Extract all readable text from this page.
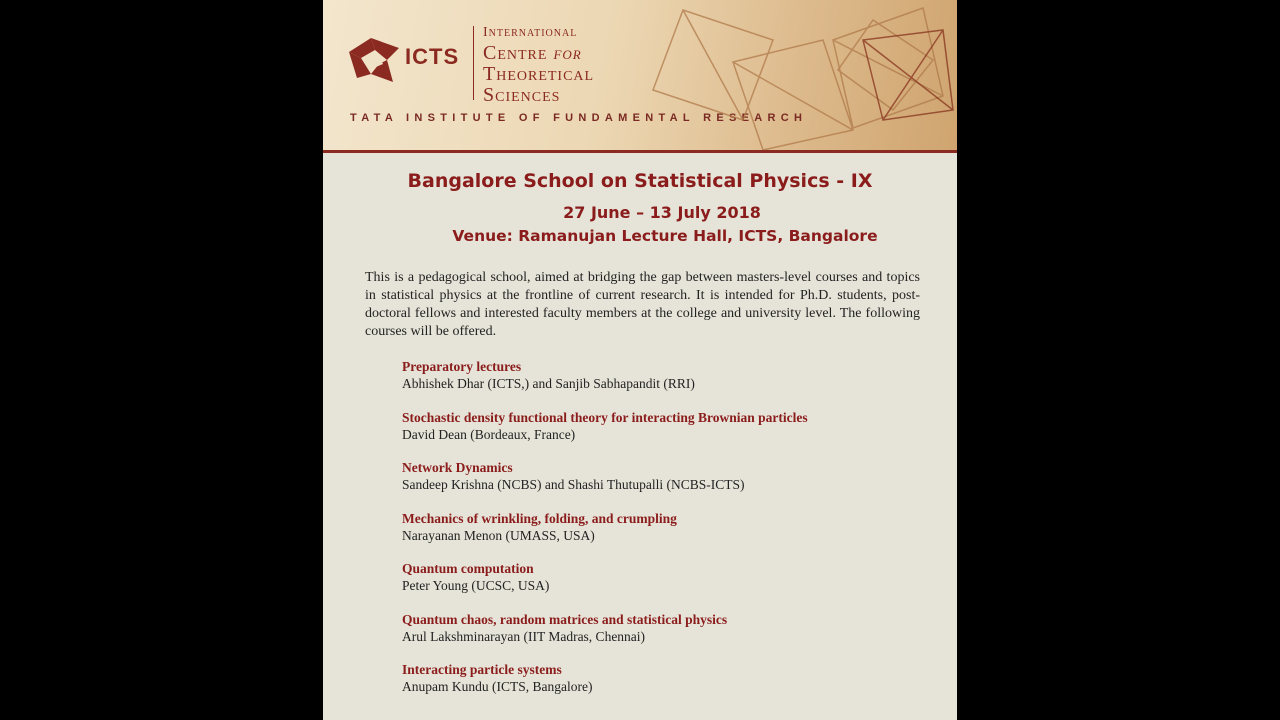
ICTS
International
Centre for
Theoretical
Sciences
TATA INSTITUTE OF FUNDAMENTAL RESEARCH
Bangalore School on Statistical Physics - IX
27 June – 13 July 2018
Venue: Ramanujan Lecture Hall, ICTS, Bangalore

This is a pedagogical school, aimed at bridging the gap between masters-level courses and topics in statistical physics at the frontline of current research. It is intended for Ph.D. students, post-doctoral fellows and interested faculty members at the college and university level. The following courses will be offered.

Preparatory lectures
Abhishek Dhar (ICTS,) and Sanjib Sabhapandit (RRI)
Stochastic density functional theory for interacting Brownian particles
David Dean (Bordeaux, France)
Network Dynamics
Sandeep Krishna (NCBS) and Shashi Thutupalli (NCBS-ICTS)
Mechanics of wrinkling, folding, and crumpling
Narayanan Menon (UMASS, USA)
Quantum computation
Peter Young (UCSC, USA)
Quantum chaos, random matrices and statistical physics
Arul Lakshminarayan (IIT Madras, Chennai)
Interacting particle systems
Anupam Kundu (ICTS, Bangalore)
